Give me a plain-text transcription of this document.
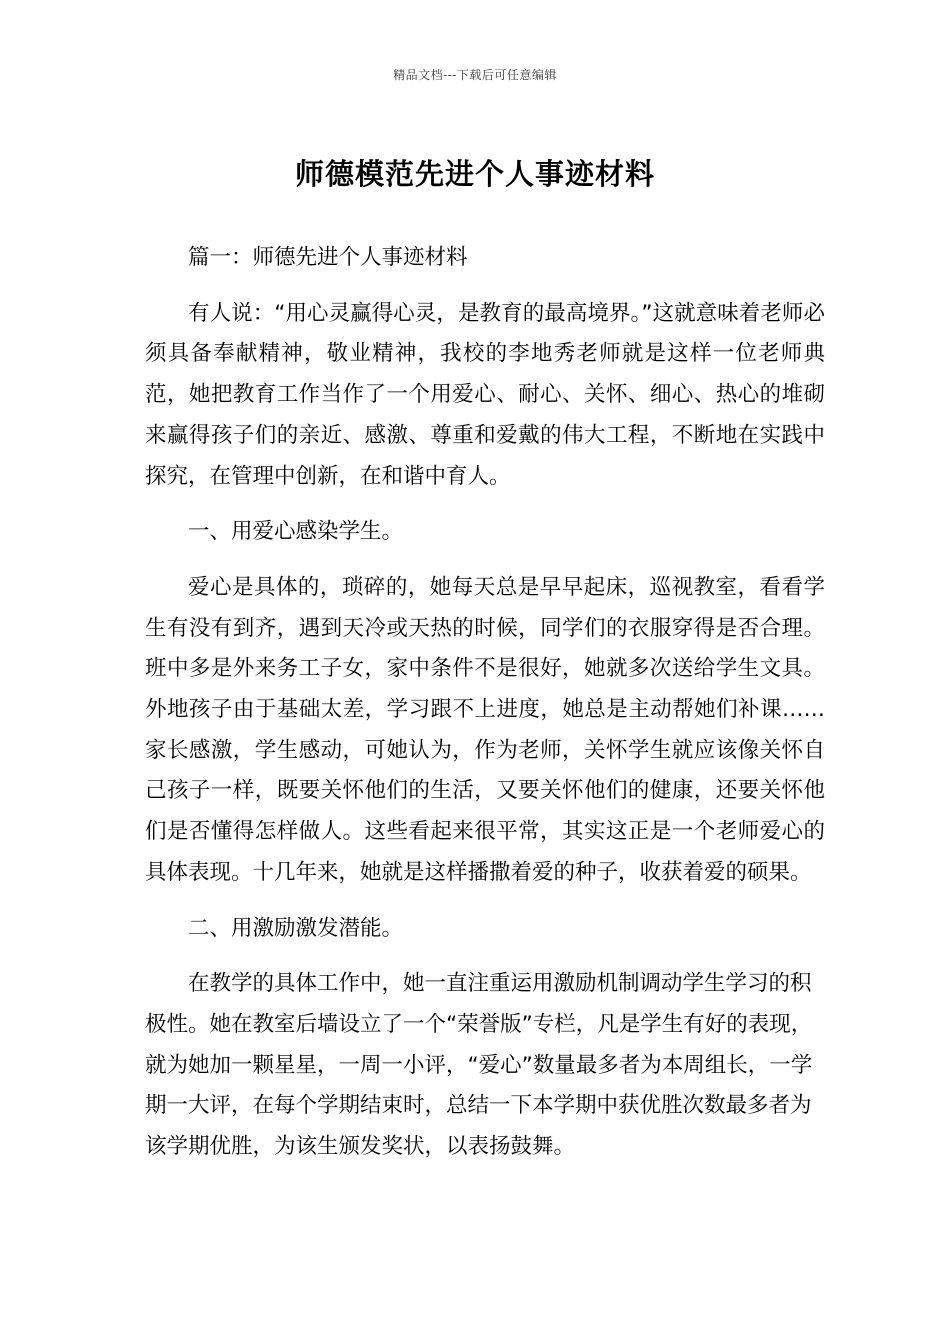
精品文档---下载后可任意编辑
师德模范先进个人事迹材料
篇一：师德先进个人事迹材料

有人说：“用心灵赢得心灵，是教育的最高境界。”这就意味着老师必须具备奉献精神，敬业精神，我校的李地秀老师就是这样一位老师典范，她把教育工作当作了一个用爱心、耐心、关怀、细心、热心的堆砌来赢得孩子们的亲近、感激、尊重和爱戴的伟大工程，不断地在实践中探究，在管理中创新，在和谐中育人。

一、用爱心感染学生。

爱心是具体的，琐碎的，她每天总是早早起床，巡视教室，看看学生有没有到齐，遇到天冷或天热的时候，同学们的衣服穿得是否合理。班中多是外来务工子女，家中条件不是很好，她就多次送给学生文具。外地孩子由于基础太差，学习跟不上进度，她总是主动帮她们补课……家长感激，学生感动，可她认为，作为老师，关怀学生就应该像关怀自己孩子一样，既要关怀他们的生活，又要关怀他们的健康，还要关怀他们是否懂得怎样做人。这些看起来很平常，其实这正是一个老师爱心的具体表现。十几年来，她就是这样播撒着爱的种子，收获着爱的硕果。

二、用激励激发潜能。

在教学的具体工作中，她一直注重运用激励机制调动学生学习的积极性。她在教室后墙设立了一个“荣誉版”专栏，凡是学生有好的表现，就为她加一颗星星，一周一小评，“爱心”数量最多者为本周组长，一学期一大评，在每个学期结束时，总结一下本学期中获优胜次数最多者为该学期优胜，为该生颁发奖状，以表扬鼓舞。
